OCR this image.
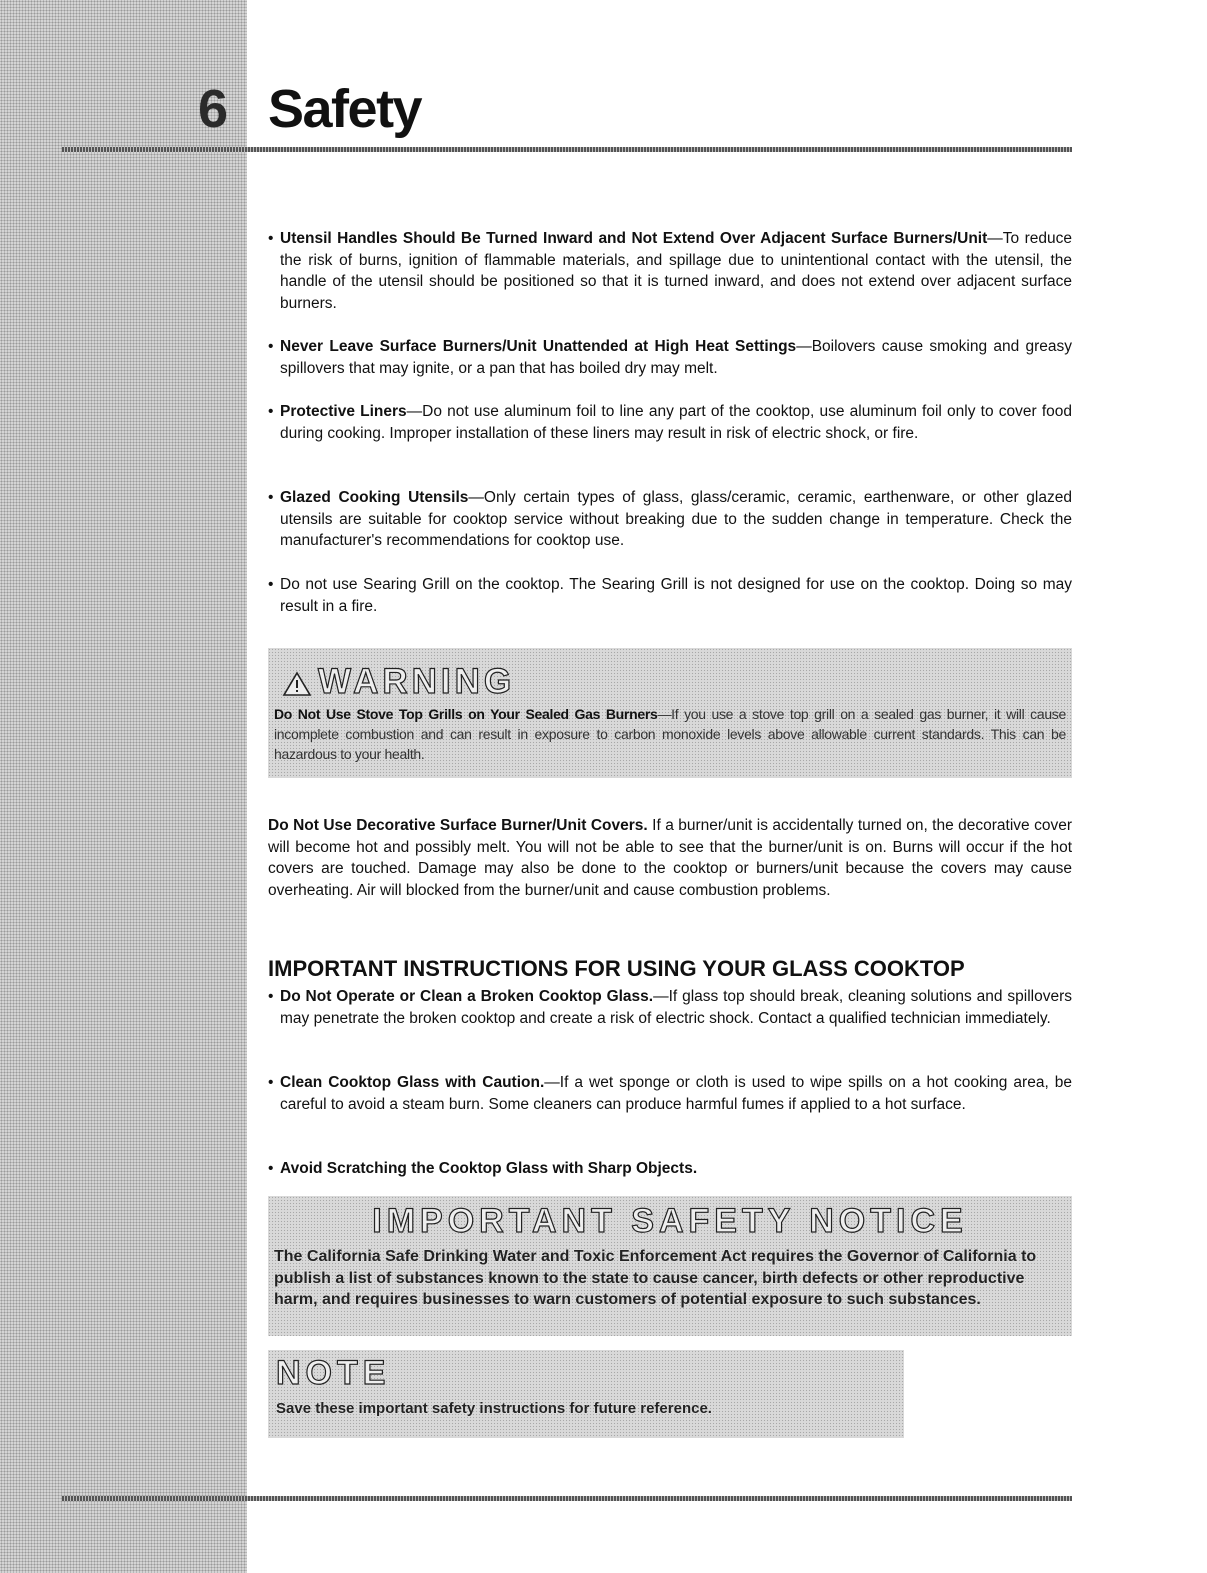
6 Safety
• Utensil Handles Should Be Turned Inward and Not Extend Over Adjacent Surface Burners/Unit—To reduce the risk of burns, ignition of flammable materials, and spillage due to unintentional contact with the utensil, the handle of the utensil should be positioned so that it is turned inward, and does not extend over adjacent surface burners.
• Never Leave Surface Burners/Unit Unattended at High Heat Settings—Boilovers cause smoking and greasy spillovers that may ignite, or a pan that has boiled dry may melt.
• Protective Liners—Do not use aluminum foil to line any part of the cooktop, use aluminum foil only to cover food during cooking. Improper installation of these liners may result in risk of electric shock, or fire.
• Glazed Cooking Utensils—Only certain types of glass, glass/ceramic, ceramic, earthenware, or other glazed utensils are suitable for cooktop service without breaking due to the sudden change in temperature. Check the manufacturer's recommendations for cooktop use.
• Do not use Searing Grill on the cooktop. The Searing Grill is not designed for use on the cooktop. Doing so may result in a fire.
WARNING
Do Not Use Stove Top Grills on Your Sealed Gas Burners—If you use a stove top grill on a sealed gas burner, it will cause incomplete combustion and can result in exposure to carbon monoxide levels above allowable current standards. This can be hazardous to your health.
Do Not Use Decorative Surface Burner/Unit Covers. If a burner/unit is accidentally turned on, the decorative cover will become hot and possibly melt. You will not be able to see that the burner/unit is on. Burns will occur if the hot covers are touched. Damage may also be done to the cooktop or burners/unit because the covers may cause overheating. Air will blocked from the burner/unit and cause combustion problems.
IMPORTANT INSTRUCTIONS FOR USING YOUR GLASS COOKTOP
• Do Not Operate or Clean a Broken Cooktop Glass.—If glass top should break, cleaning solutions and spillovers may penetrate the broken cooktop and create a risk of electric shock. Contact a qualified technician immediately.
• Clean Cooktop Glass with Caution.—If a wet sponge or cloth is used to wipe spills on a hot cooking area, be careful to avoid a steam burn. Some cleaners can produce harmful fumes if applied to a hot surface.
• Avoid Scratching the Cooktop Glass with Sharp Objects.
IMPORTANT SAFETY NOTICE
The California Safe Drinking Water and Toxic Enforcement Act requires the Governor of California to publish a list of substances known to the state to cause cancer, birth defects or other reproductive harm, and requires businesses to warn customers of potential exposure to such substances.
NOTE
Save these important safety instructions for future reference.
